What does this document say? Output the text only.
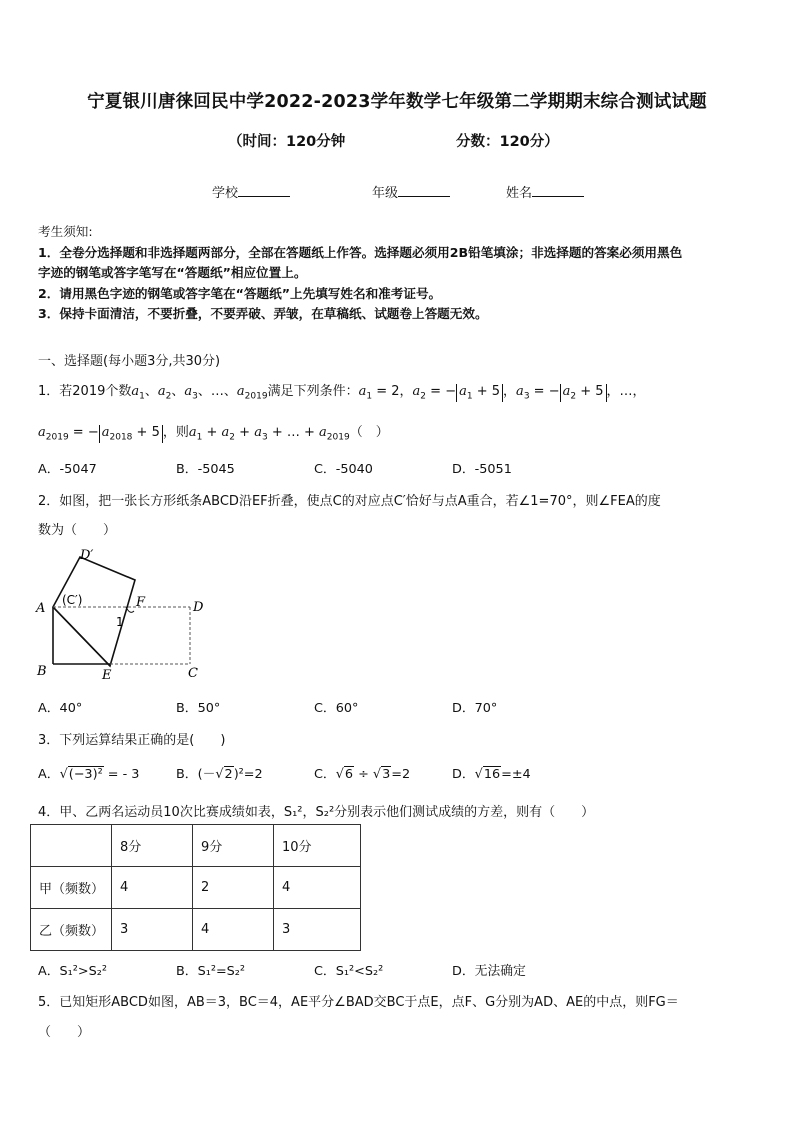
宁夏银川唐徕回民中学2022-2023学年数学七年级第二学期期末综合测试试题
（时间：120分钟	分数：120分）
学校	年级	姓名

考生须知:

1．全卷分选择题和非选择题两部分，全部在答题纸上作答。选择题必须用2B铅笔填涂；非选择题的答案必须用黑色

字迹的钢笔或答字笔写在“答题纸”相应位置上。

2．请用黑色字迹的钢笔或答字笔在“答题纸”上先填写姓名和准考证号。

3．保持卡面清洁，不要折叠，不要弄破、弄皱，在草稿纸、试题卷上答题无效。

一、选择题(每小题3分,共30分)
1．若2019个数$a_1$、$a_2$、$a_3$、…、$a_{2019}$满足下列条件：$a_1 = 2$，$a_2$ = − $a_1 + 5$ ，$a_3$ = − $a_2 + 5$ ，…，
$a_{2019}$ = − $a_{2018} + 5$ ，则$a_1 + a_2 + a_3$ + … + $a_{2019}$（　）
A．-5047	B．-5045	C．-5040	D．-5051
2．如图，把一张长方形纸条ABCD沿EF折叠，使点C的对应点C′恰好与点A重合，若∠1=70°，则∠FEA的度
数为（　　）
D′
A
(C′)	F	D
1
B	E	C
A．40°	B．50°	C．60°	D．70°
3．下列运算结果正确的是(　　)
A．√(−3)² = - 3	B．(－√2)²=2	C．√6 ÷ √3=2	D．√16=±4
4．甲、乙两名运动员10次比赛成绩如表，S₁²，S₂²分别表示他们测试成绩的方差，则有（　　）
	8分	9分	10分
甲（频数）	4	2	4
乙（频数）	3	4	3
A．S₁²>S₂²	B．S₁²=S₂²	C．S₁²<S₂²	D．无法确定
5．已知矩形ABCD如图，AB＝3，BC＝4，AE平分∠BAD交BC于点E，点F、G分别为AD、AE的中点，则FG＝
（　　）
